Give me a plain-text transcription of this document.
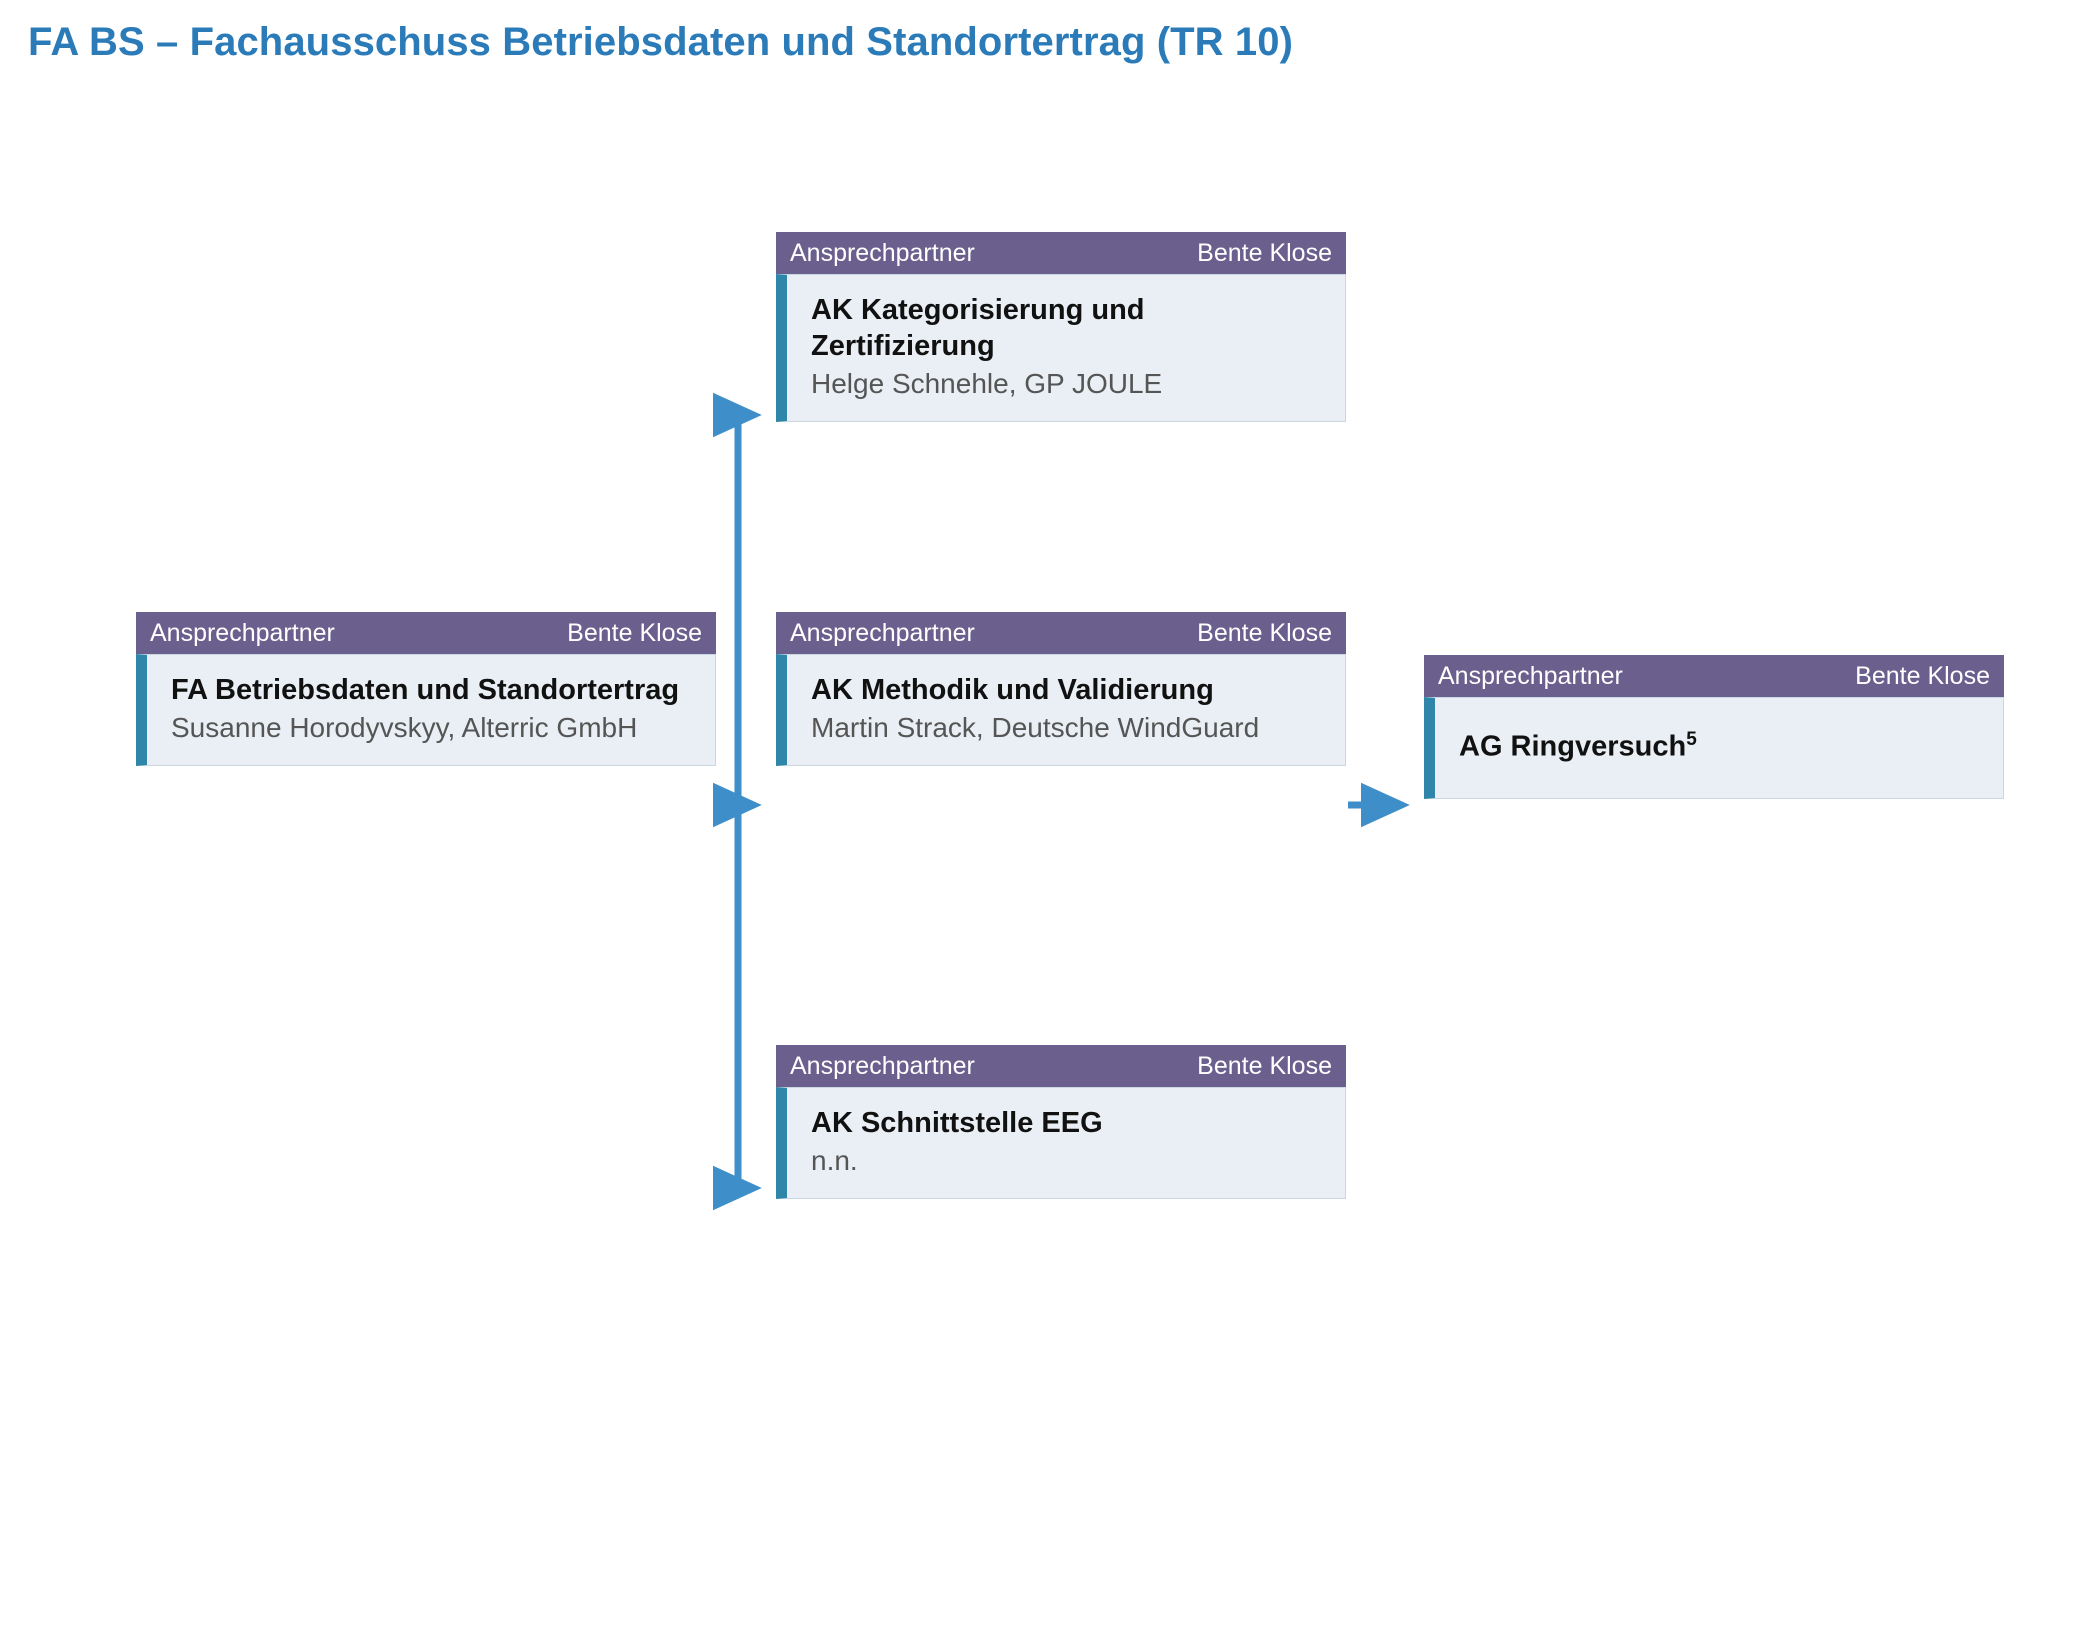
FA BS – Fachausschuss Betriebsdaten und Standortertrag (TR 10)
Ansprechpartner	Bente Klose
FA Betriebsdaten und Standortertrag
Susanne Horodyvskyy, Alterric GmbH
Ansprechpartner	Bente Klose
AK Kategorisierung und Zertifizierung
Helge Schnehle, GP JOULE
Ansprechpartner	Bente Klose
AK Methodik und Validierung
Martin Strack, Deutsche WindGuard
Ansprechpartner	Bente Klose
AK Schnittstelle EEG
n.n.
Ansprechpartner	Bente Klose
AG Ringversuch$^5$
